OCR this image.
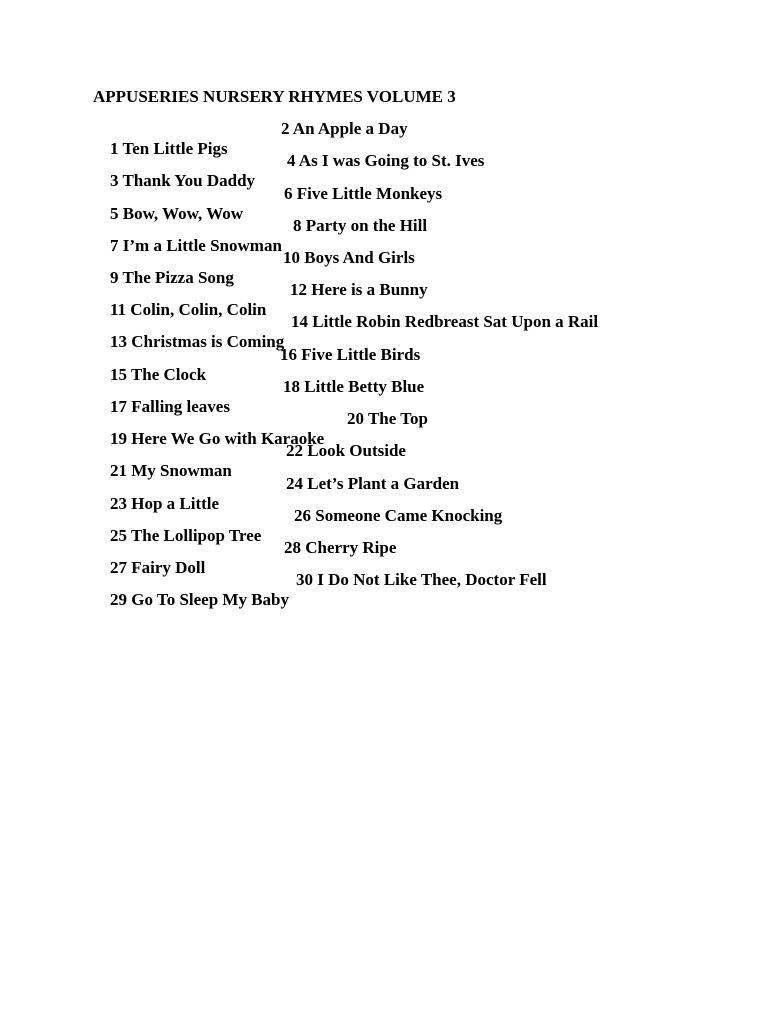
APPUSERIES NURSERY RHYMES VOLUME 3

1 Ten Little Pigs

2 An Apple a Day

3 Thank You Daddy

4 As I was Going to St. Ives

5 Bow, Wow, Wow

6 Five Little Monkeys

7 I’m a Little Snowman

8 Party on the Hill

9 The Pizza Song

10 Boys And Girls

11 Colin, Colin, Colin

12 Here is a Bunny

13 Christmas is Coming

14 Little Robin Redbreast Sat Upon a Rail

15 The Clock

16 Five Little Birds

17 Falling leaves

18 Little Betty Blue

19 Here We Go with Karaoke

20 The Top

21 My Snowman

22 Look Outside

23 Hop a Little

24 Let’s Plant a Garden

25 The Lollipop Tree

26 Someone Came Knocking

27 Fairy Doll

28 Cherry Ripe

29 Go To Sleep My Baby

30 I Do Not Like Thee, Doctor Fell
